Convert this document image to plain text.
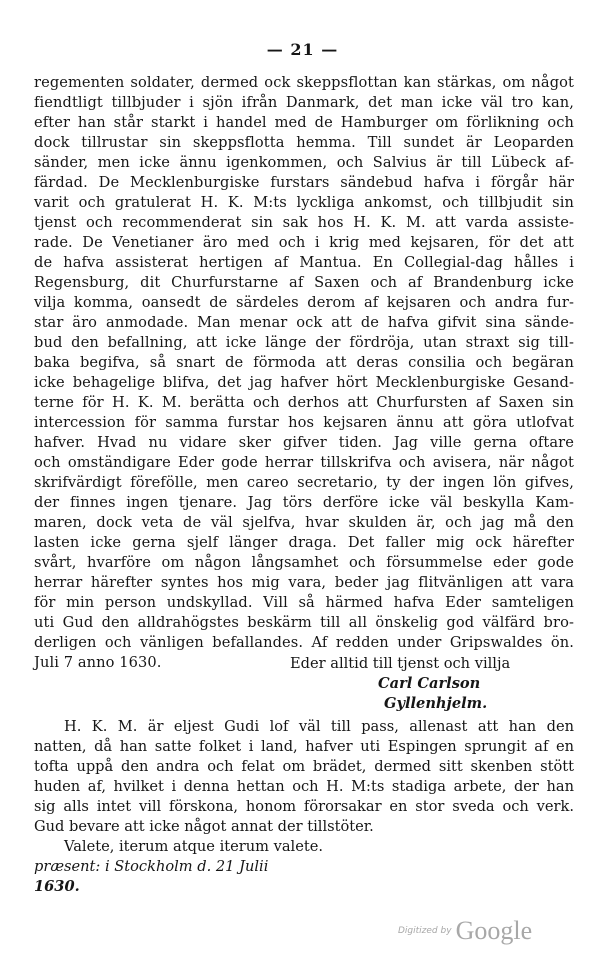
— 21 —
regementen soldater, dermed ock skeppsflottan kan stärkas, om något
fiendtligt tillbjuder i sjön ifrån Danmark, det man icke väl tro kan,
efter han står starkt i handel med de Hamburger om förlikning och
dock tillrustar sin skeppsflotta hemma. Till sundet är Leoparden
sänder, men icke ännu igenkommen, och Salvius är till Lübeck af-
färdad. De Mecklenburgiske furstars sändebud hafva i förgår här
varit och gratulerat H. K. M:ts lyckliga ankomst, och tillbjudit sin
tjenst och recommenderat sin sak hos H. K. M. att varda assiste-
rade. De Venetianer äro med och i krig med kejsaren, för det att
de hafva assisterat hertigen af Mantua. En Collegial-dag hålles i
Regensburg, dit Churfurstarne af Saxen och af Brandenburg icke
vilja komma, oansedt de särdeles derom af kejsaren och andra fur-
star äro anmodade. Man menar ock att de hafva gifvit sina sände-
bud den befallning, att icke länge der fördröja, utan straxt sig till-
baka begifva, så snart de förmoda att deras consilia och begäran
icke behagelige blifva, det jag hafver hört Mecklenburgiske Gesand-
terne för H. K. M. berätta och derhos att Churfursten af Saxen sin
intercession för samma furstar hos kejsaren ännu att göra utlofvat
hafver. Hvad nu vidare sker gifver tiden. Jag ville gerna oftare
och omständigare Eder gode herrar tillskrifva och avisera, när något
skrifvärdigt förefölle, men careo secretario, ty der ingen lön gifves,
der finnes ingen tjenare. Jag törs derföre icke väl beskylla Kam-
maren, dock veta de väl sjelfva, hvar skulden är, och jag må den
lasten icke gerna sjelf länger draga. Det faller mig ock härefter
svårt, hvarföre om någon långsamhet och försummelse eder gode
herrar härefter syntes hos mig vara, beder jag flitvänligen att vara
för min person undskyllad. Vill så härmed hafva Eder samteligen
uti Gud den alldrahögstes beskärm till all önskelig god välfärd bro-
derligen och vänligen befallandes. Af redden under Gripswaldes ön.
Juli 7 anno 1630.	Eder alltid till tjenst och villja
Carl Carlson
Gyllenhjelm.
H. K. M. är eljest Gudi lof väl till pass, allenast att han den
natten, då han satte folket i land, hafver uti Espingen sprungit af en
tofta uppå den andra och felat om brädet, dermed sitt skenben stött
huden af, hvilket i denna hettan och H. M:ts stadiga arbete, der han
sig alls intet vill förskona, honom förorsakar en stor sveda och verk.
Gud bevare att icke något annat der tillstöter.
Valete, iterum atque iterum valete.
præsent: i Stockholm d. 21 Julii
1630.
Digitized by Google
